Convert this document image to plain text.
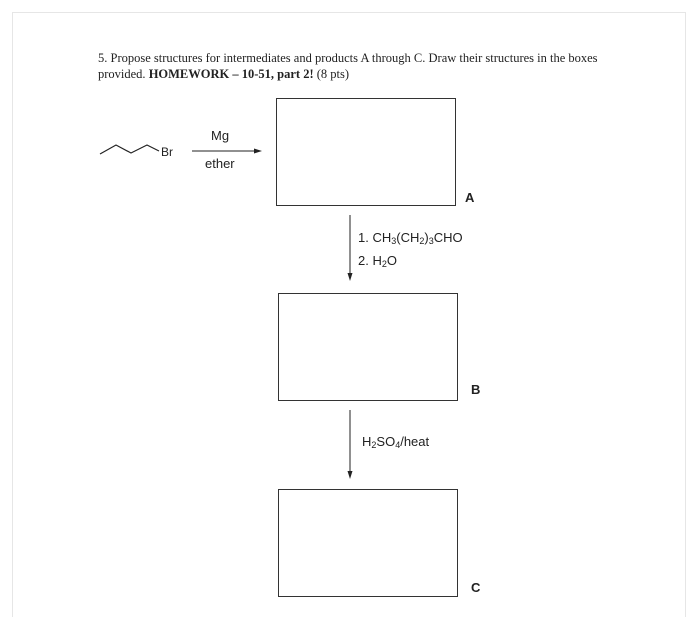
5. Propose structures for intermediates and products A through C. Draw their structures in the boxes provided. HOMEWORK – 10-51, part 2! (8 pts)
Br
Mg
ether
A
1. $CH_3(CH_2)_3CHO$
2. $H_2O$
B
$H_2SO_4$/heat
C
